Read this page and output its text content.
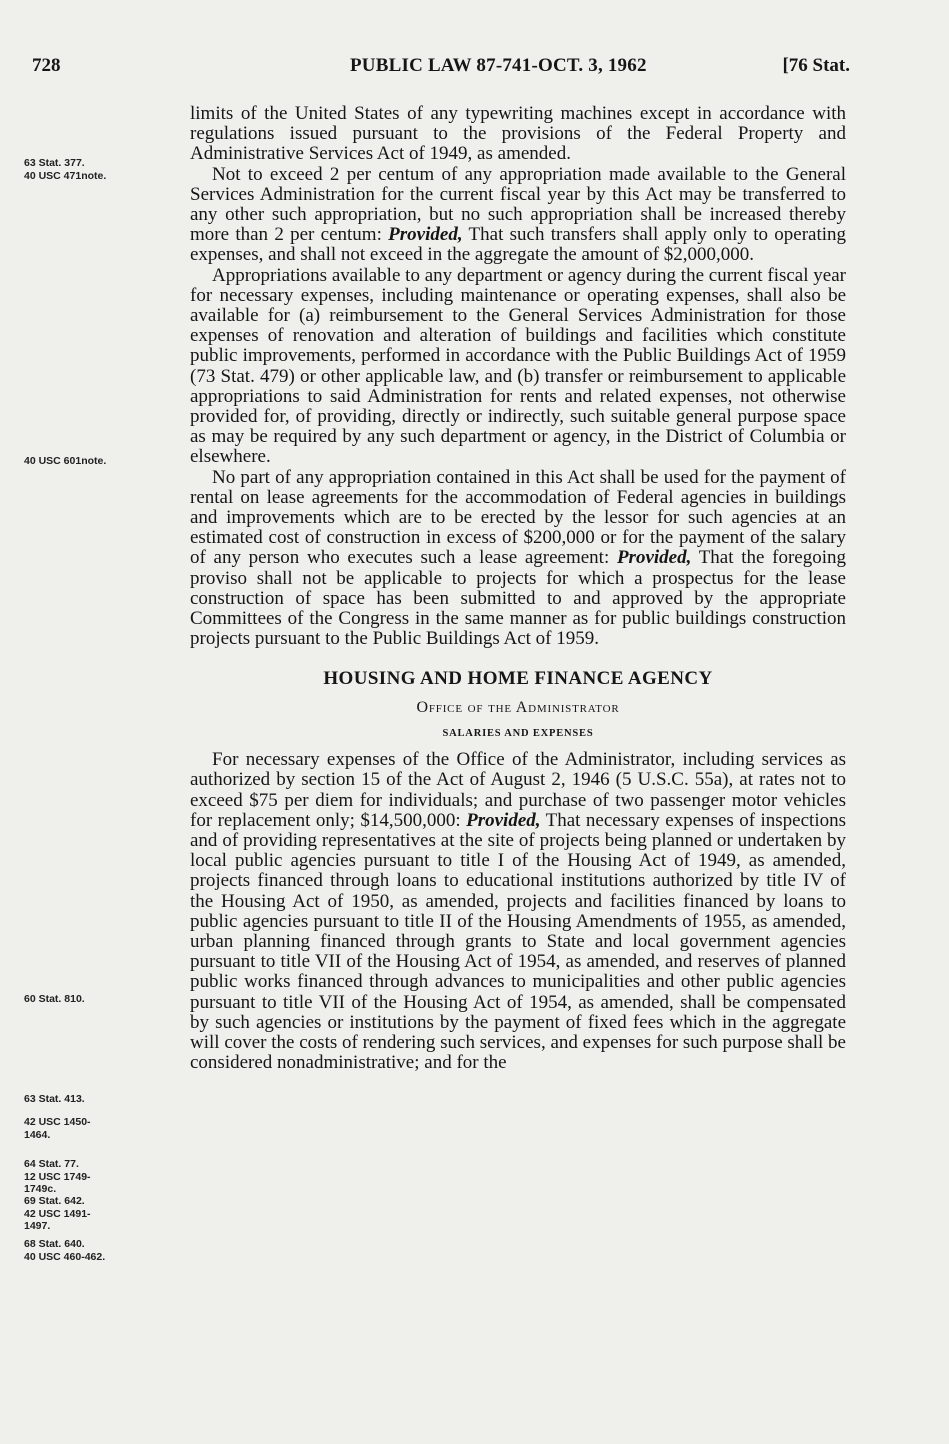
728	PUBLIC LAW 87-741-OCT. 3, 1962	[76 Stat.
63 Stat. 377.
40 USC 471note.
40 USC 601note.
60 Stat. 810.
63 Stat. 413.
42 USC 1450-
1464.
64 Stat. 77.
12 USC 1749-
1749c.
69 Stat. 642.
42 USC 1491-
1497.
68 Stat. 640.
40 USC 460-462.

limits of the United States of any typewriting machines except in accordance with regulations issued pursuant to the provisions of the Federal Property and Administrative Services Act of 1949, as amended.

Not to exceed 2 per centum of any appropriation made available to the General Services Administration for the current fiscal year by this Act may be transferred to any other such appropriation, but no such appropriation shall be increased thereby more than 2 per centum: Provided, That such transfers shall apply only to operating expenses, and shall not exceed in the aggregate the amount of $2,000,000.

Appropriations available to any department or agency during the current fiscal year for necessary expenses, including maintenance or operating expenses, shall also be available for (a) reimbursement to the General Services Administration for those expenses of renovation and alteration of buildings and facilities which constitute public improvements, performed in accordance with the Public Buildings Act of 1959 (73 Stat. 479) or other applicable law, and (b) transfer or reimbursement to applicable appropriations to said Administration for rents and related expenses, not otherwise provided for, of providing, directly or indirectly, such suitable general purpose space as may be required by any such department or agency, in the District of Columbia or elsewhere.

No part of any appropriation contained in this Act shall be used for the payment of rental on lease agreements for the accommodation of Federal agencies in buildings and improvements which are to be erected by the lessor for such agencies at an estimated cost of construction in excess of $200,000 or for the payment of the salary of any person who executes such a lease agreement: Provided, That the foregoing proviso shall not be applicable to projects for which a prospectus for the lease construction of space has been submitted to and approved by the appropriate Committees of the Congress in the same manner as for public buildings construction projects pursuant to the Public Buildings Act of 1959.

HOUSING AND HOME FINANCE AGENCY
Office of the Administrator
SALARIES AND EXPENSES

For necessary expenses of the Office of the Administrator, including services as authorized by section 15 of the Act of August 2, 1946 (5 U.S.C. 55a), at rates not to exceed $75 per diem for individuals; and purchase of two passenger motor vehicles for replacement only; $14,500,000: Provided, That necessary expenses of inspections and of providing representatives at the site of projects being planned or undertaken by local public agencies pursuant to title I of the Housing Act of 1949, as amended, projects financed through loans to educational institutions authorized by title IV of the Housing Act of 1950, as amended, projects and facilities financed by loans to public agencies pursuant to title II of the Housing Amendments of 1955, as amended, urban planning financed through grants to State and local government agencies pursuant to title VII of the Housing Act of 1954, as amended, and reserves of planned public works financed through advances to municipalities and other public agencies pursuant to title VII of the Housing Act of 1954, as amended, shall be compensated by such agencies or institutions by the payment of fixed fees which in the aggregate will cover the costs of rendering such services, and expenses for such purpose shall be considered nonadministrative; and for the
